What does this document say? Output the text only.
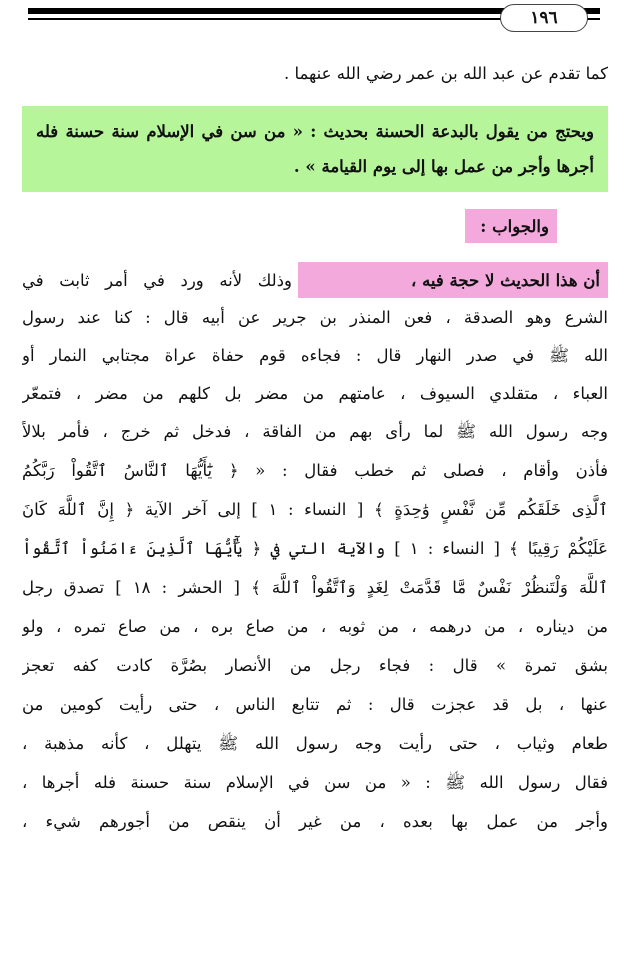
١٩٦
كما تقدم عن عبد الله بن عمر رضي الله عنهما .
ويحتج من يقول بالبدعة الحسنة بحديث : « من سن في الإسلام سنة حسنة فله أجرها وأجر من عمل بها إلى يوم القيامة » .
والجواب :
أن هذا الحديث لا حجة فيه ،
وذلك لأنه ورد في أمر ثابت في
الشرع وهو الصدقة ، فعن المنذر بن جرير عن أبيه قال : كنا عند رسول
الله ﷺ في صدر النهار قال : فجاءه قوم حفاة عراة مجتابي النمار أو
العباء ، متقلدي السيوف ، عامتهم من مضر بل كلهم من مضر ، فتمعّر
وجه رسول الله ﷺ لما رأى بهم من الفاقة ، فدخل ثم خرج ، فأمر بلالاً
فأذن وأقام ، فصلى ثم خطب فقال : « ﴿ يَٰٓأَيُّهَا ٱلنَّاسُ ٱتَّقُواْ رَبَّكُمُ
ٱلَّذِى خَلَقَكُم مِّن نَّفْسٍ وَٰحِدَةٍ ﴾ [ النساء : ١ ] إلى آخر الآية ﴿ إِنَّ ٱللَّهَ كَانَ
عَلَيْكُمْ رَقِيبًا ﴾ [ النساء : ١ ] والآية التي في ﴿ يَٰٓأَيُّهَا ٱلَّذِينَ ءَامَنُواْ ٱتَّقُواْ
ٱللَّهَ وَلْتَنظُرْ نَفْسٌ مَّا قَدَّمَتْ لِغَدٍ وَٱتَّقُواْ ٱللَّهَ ﴾ [ الحشر : ١٨ ] تصدق رجل
من ديناره ، من درهمه ، من ثوبه ، من صاع بره ، من صاع تمره ، ولو
بشق تمرة » قال : فجاء رجل من الأنصار بصُرَّة كادت كفه تعجز
عنها ، بل قد عجزت قال : ثم تتابع الناس ، حتى رأيت كومين من
طعام وثياب ، حتى رأيت وجه رسول الله ﷺ يتهلل ، كأنه مذهبة ،
فقال رسول الله ﷺ : « من سن في الإسلام سنة حسنة فله أجرها ،
وأجر من عمل بها بعده ، من غير أن ينقص من أجورهم شيء ،
